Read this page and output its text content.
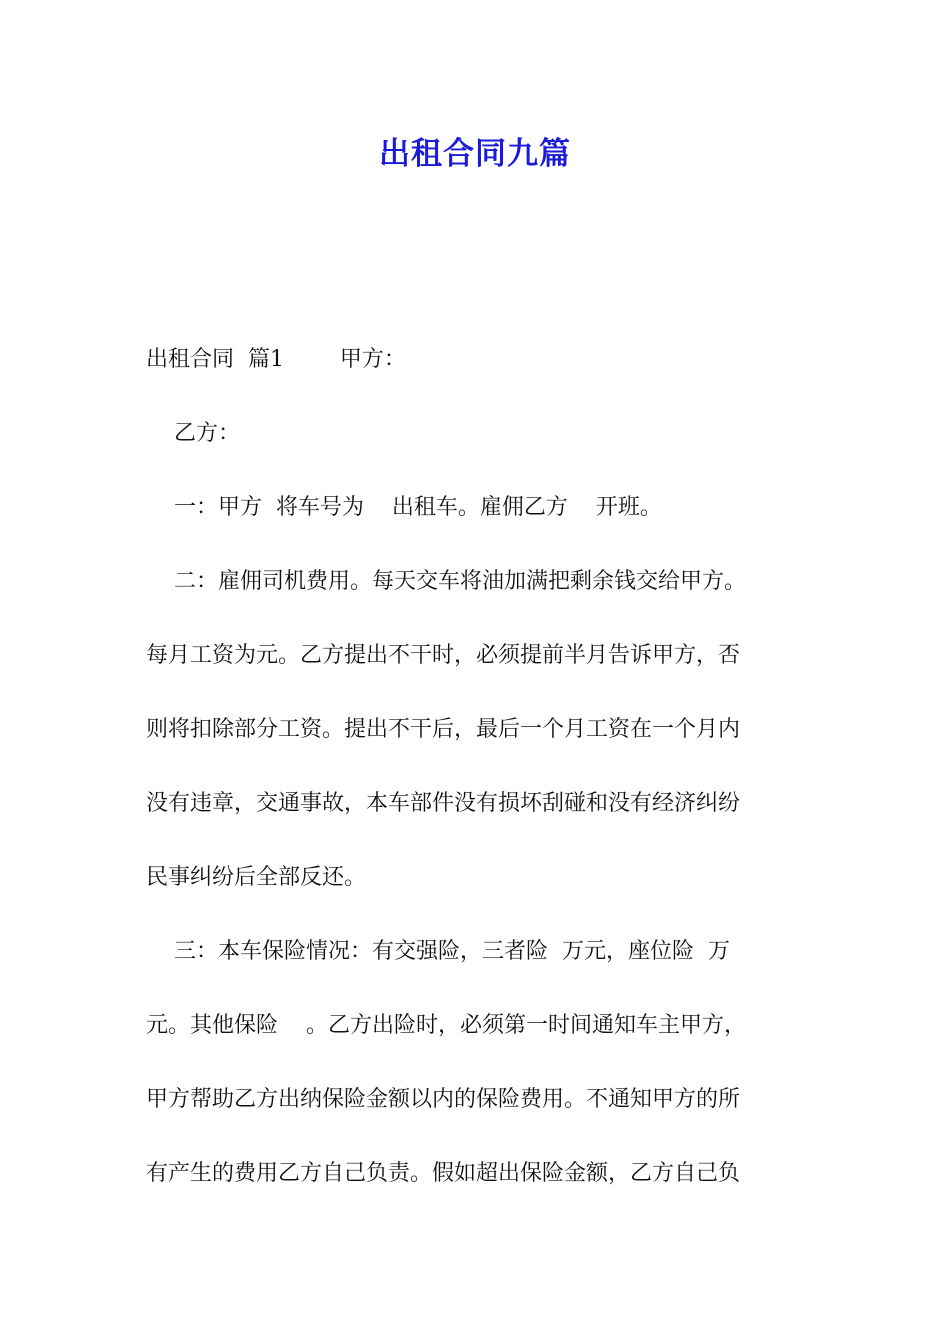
出租合同九篇
出租合同  篇1        甲方：
乙方：
一：甲方  将车号为    出租车。雇佣乙方    开班。
二：雇佣司机费用。每天交车将油加满把剩余钱交给甲方。
每月工资为元。乙方提出不干时，必须提前半月告诉甲方，否
则将扣除部分工资。提出不干后，最后一个月工资在一个月内
没有违章，交通事故，本车部件没有损坏刮碰和没有经济纠纷
民事纠纷后全部反还。
三：本车保险情况：有交强险，三者险  万元，座位险  万
元。其他保险    。乙方出险时，必须第一时间通知车主甲方，
甲方帮助乙方出纳保险金额以内的保险费用。不通知甲方的所
有产生的费用乙方自己负责。假如超出保险金额，乙方自己负
